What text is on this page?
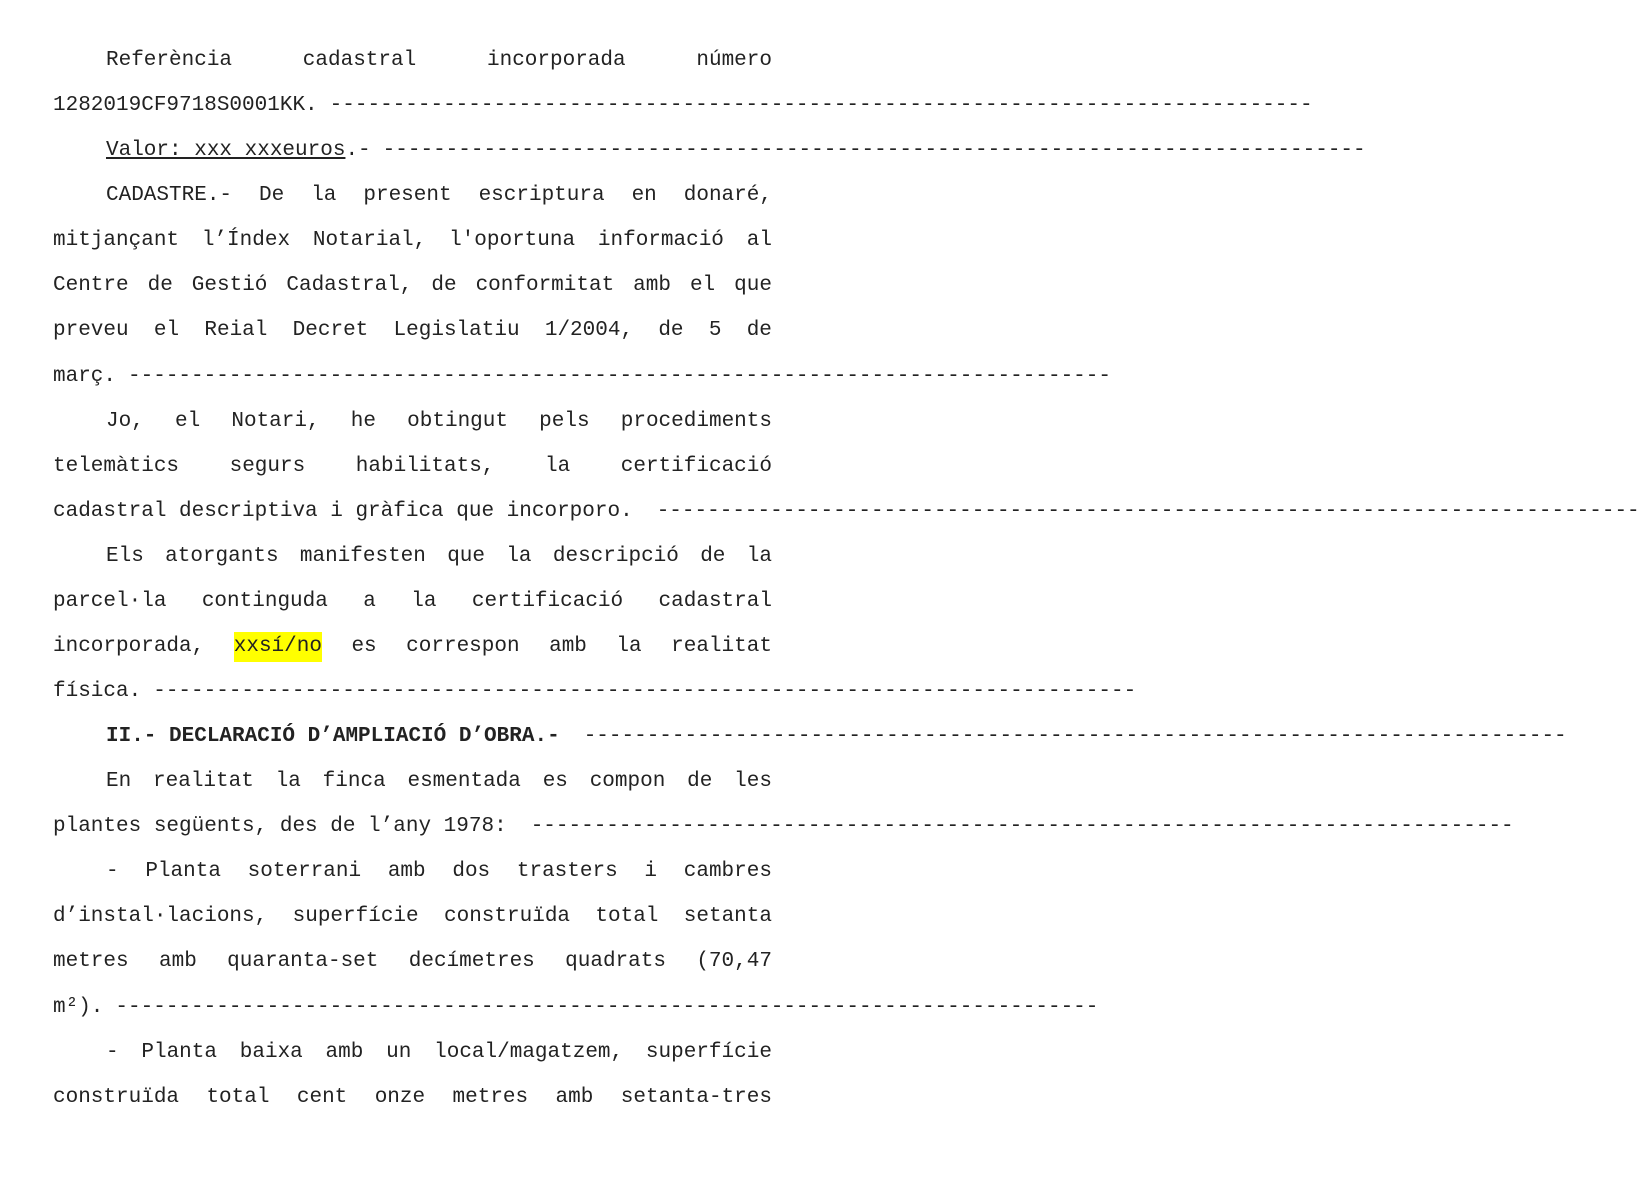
Referència	cadastral	incorporada	número
1282019CF9718S0001KK. ------------------------------------------------------------------------------
Valor: xxx xxxeuros .- ------------------------------------------------------------------------------
CADASTRE.- De la present escriptura en donaré,
mitjançant l’Índex Notarial, l'oportuna informació al
Centre de Gestió Cadastral, de conformitat amb el que
preveu el Reial Decret Legislatiu 1/2004, de 5 de
març. ------------------------------------------------------------------------------
Jo, el Notari, he obtingut pels procediments
telemàtics segurs habilitats, la certificació
cadastral descriptiva i gràfica que incorporo. ------------------------------------------------------------------------------
Els atorgants manifesten que la descripció de la
parcel·la continguda a la certificació cadastral
incorporada, xxsí/no es correspon amb la realitat
física. ------------------------------------------------------------------------------
II.- DECLARACIÓ D’AMPLIACIÓ D’OBRA.- ------------------------------------------------------------------------------
En realitat la finca esmentada es compon de les
plantes següents, des de l’any 1978: ------------------------------------------------------------------------------
- Planta soterrani amb dos trasters i cambres
d’instal·lacions, superfície construïda total setanta
metres amb quaranta-set decímetres quadrats (70,47
m²). ------------------------------------------------------------------------------
- Planta baixa amb un local/magatzem, superfície
construïda total cent onze metres amb setanta-tres
